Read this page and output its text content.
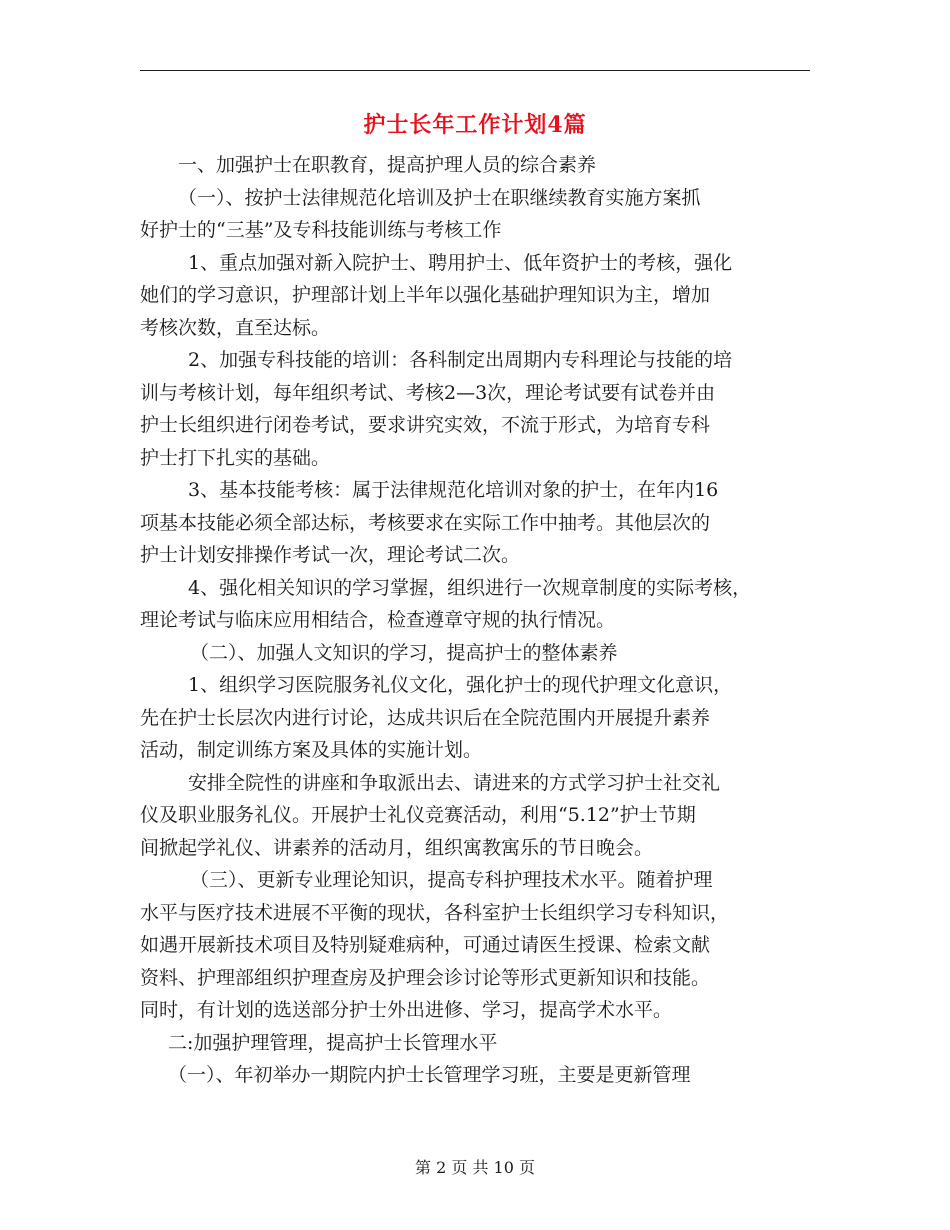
护士长年工作计划4篇
一、加强护士在职教育，提高护理人员的综合素养
（一）、按护士法律规范化培训及护士在职继续教育实施方案抓
好护士的“三基”及专科技能训练与考核工作
1、重点加强对新入院护士、聘用护士、低年资护士的考核，强化
她们的学习意识，护理部计划上半年以强化基础护理知识为主，增加
考核次数，直至达标。
2、加强专科技能的培训：各科制定出周期内专科理论与技能的培
训与考核计划，每年组织考试、考核2—3次，理论考试要有试卷并由
护士长组织进行闭卷考试，要求讲究实效，不流于形式，为培育专科
护士打下扎实的基础。
3、基本技能考核：属于法律规范化培训对象的护士，在年内16
项基本技能必须全部达标，考核要求在实际工作中抽考。其他层次的
护士计划安排操作考试一次，理论考试二次。
4、强化相关知识的学习掌握，组织进行一次规章制度的实际考核，
理论考试与临床应用相结合，检查遵章守规的执行情况。
（二）、加强人文知识的学习，提高护士的整体素养
1、组织学习医院服务礼仪文化，强化护士的现代护理文化意识，
先在护士长层次内进行讨论，达成共识后在全院范围内开展提升素养
活动，制定训练方案及具体的实施计划。
安排全院性的讲座和争取派出去、请进来的方式学习护士社交礼
仪及职业服务礼仪。开展护士礼仪竞赛活动，利用“5.12”护士节期
间掀起学礼仪、讲素养的活动月，组织寓教寓乐的节日晚会。
（三）、更新专业理论知识，提高专科护理技术水平。随着护理
水平与医疗技术进展不平衡的现状，各科室护士长组织学习专科知识，
如遇开展新技术项目及特别疑难病种，可通过请医生授课、检索文献
资料、护理部组织护理查房及护理会诊讨论等形式更新知识和技能。
同时，有计划的选送部分护士外出进修、学习，提高学术水平。
二:加强护理管理，提高护士长管理水平
（一）、年初举办一期院内护士长管理学习班，主要是更新管理
第 2 页 共 10 页
